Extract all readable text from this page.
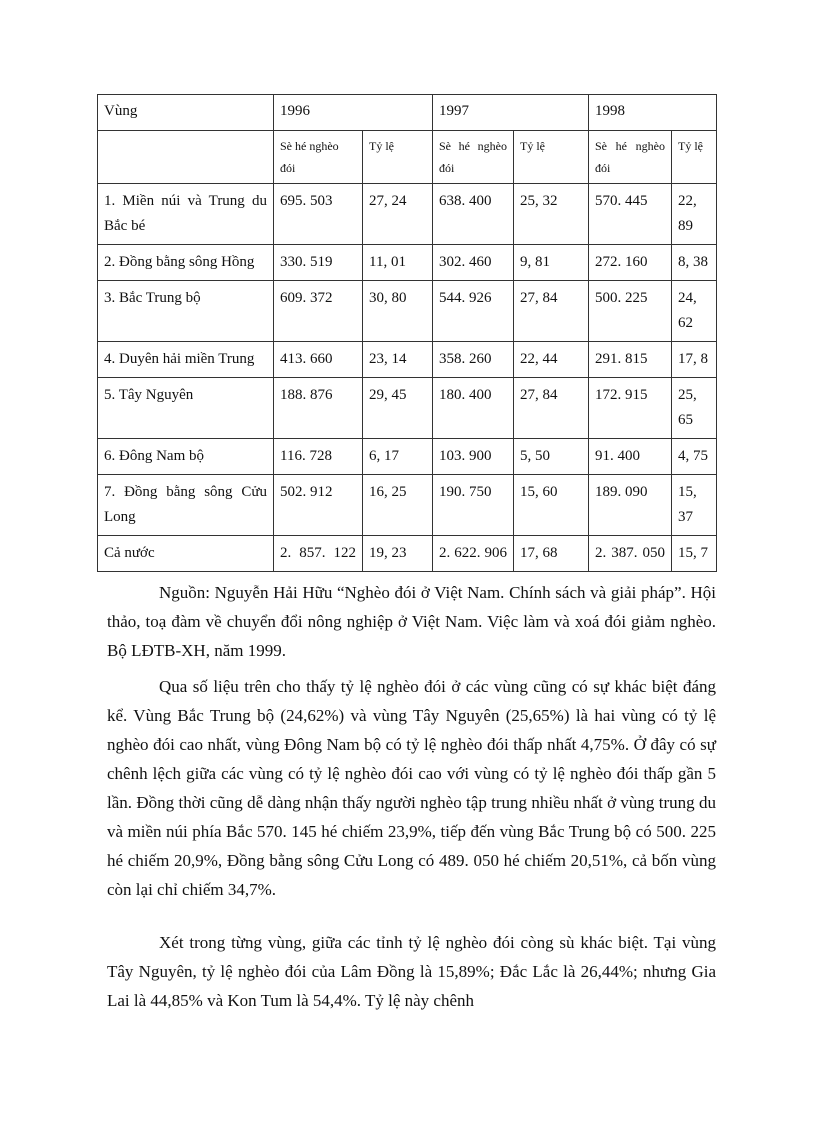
Vùng	1996		1997		1998	
	Sè hé nghèo đói	Tỷ lệ	Sè hé nghèo đói	Tỷ lệ	Sè hé nghèo đói	Tỷ lệ
1. Miền núi và Trung du Bắc bé	695. 503	27, 24	638. 400	25, 32	570. 445	22, 89
2. Đồng bằng sông Hồng	330. 519	11, 01	302. 460	9, 81	272. 160	8, 38
3. Bắc Trung bộ	609. 372	30, 80	544. 926	27, 84	500. 225	24, 62
4. Duyên hải miền Trung	413. 660	23, 14	358. 260	22, 44	291. 815	17, 8
5. Tây Nguyên	188. 876	29, 45	180. 400	27, 84	172. 915	25, 65
6. Đông Nam bộ	116. 728	6, 17	103. 900	5, 50	91. 400	4, 75
7. Đồng bằng sông Cửu Long	502. 912	16, 25	190. 750	15, 60	189. 090	15, 37
Cả nước	2. 857. 122	19, 23	2. 622. 906	17, 68	2. 387. 050	15, 7

Nguồn: Nguyễn Hải Hữu “Nghèo đói ở Việt Nam. Chính sách và giải pháp”. Hội thảo, toạ đàm về chuyển đổi nông nghiệp ở Việt Nam. Việc làm và xoá đói giảm nghèo. Bộ LĐTB-XH, năm 1999.

Qua số liệu trên cho thấy tỷ lệ nghèo đói ở các vùng cũng có sự khác biệt đáng kể. Vùng Bắc Trung bộ (24,62%) và vùng Tây Nguyên (25,65%) là hai vùng có tỷ lệ nghèo đói cao nhất, vùng Đông Nam bộ có tỷ lệ nghèo đói thấp nhất 4,75%. Ở đây có sự chênh lệch giữa các vùng có tỷ lệ nghèo đói cao với vùng có tỷ lệ nghèo đói thấp gần 5 lần. Đồng thời cũng dễ dàng nhận thấy người nghèo tập trung nhiều nhất ở vùng trung du và miền núi phía Bắc 570. 145 hé chiếm 23,9%, tiếp đến vùng Bắc Trung bộ có 500. 225 hé chiếm 20,9%, Đồng bằng sông Cửu Long có 489. 050 hé chiếm 20,51%, cả bốn vùng còn lại chỉ chiếm 34,7%.

Xét trong từng vùng, giữa các tỉnh tỷ lệ nghèo đói còng sù khác biệt. Tại vùng Tây Nguyên, tỷ lệ nghèo đói của Lâm Đồng là 15,89%; Đắc Lắc là 26,44%; nhưng Gia Lai là 44,85% và Kon Tum là 54,4%. Tỷ lệ này chênh
